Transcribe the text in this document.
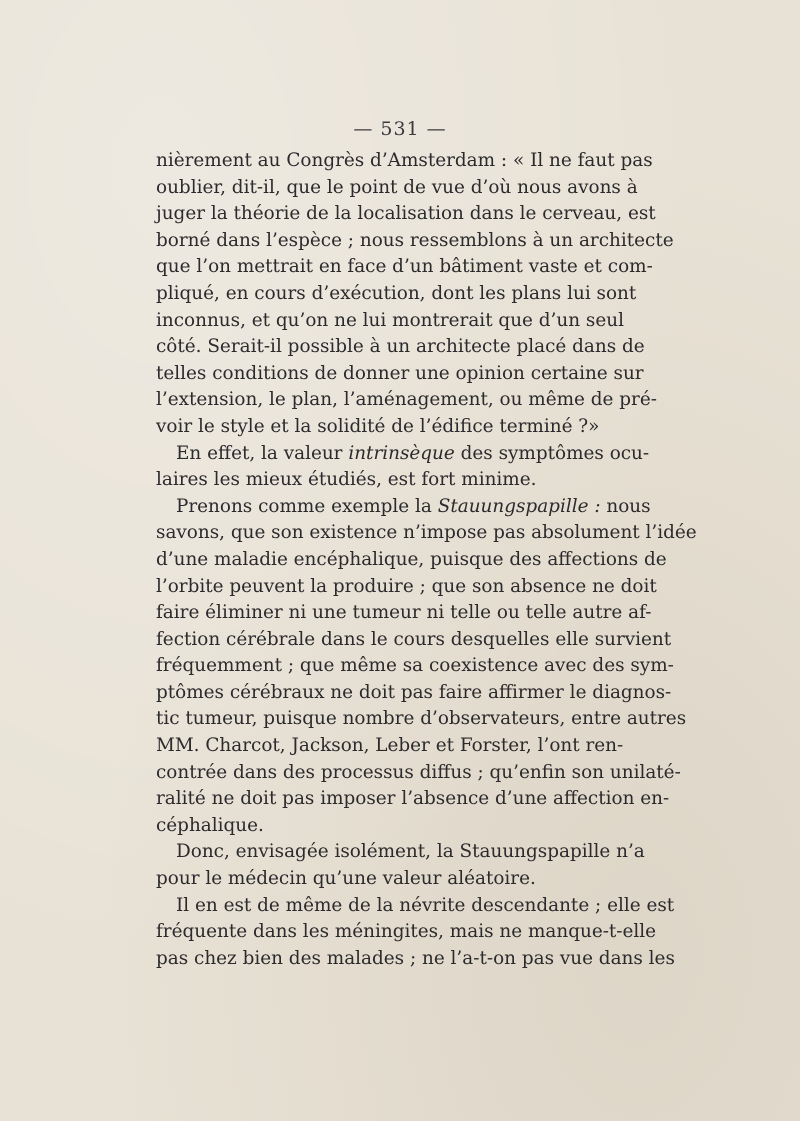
— 531 —
nièrement au Congrès d’Amsterdam : « Il ne faut pas
oublier, dit-il, que le point de vue d’où nous avons à
juger la théorie de la localisation dans le cerveau, est
borné dans l’espèce ; nous ressemblons à un architecte
que l’on mettrait en face d’un bâtiment vaste et com-
pliqué, en cours d’exécution, dont les plans lui sont
inconnus, et qu’on ne lui montrerait que d’un seul
côté. Serait-il possible à un architecte placé dans de
telles conditions de donner une opinion certaine sur
l’extension, le plan, l’aménagement, ou même de pré-
voir le style et la solidité de l’édifice terminé ?»
En effet, la valeur intrinsèque des symptômes ocu-
laires les mieux étudiés, est fort minime.
Prenons comme exemple la Stauungspapille : nous
savons, que son existence n’impose pas absolument l’idée
d’une maladie encéphalique, puisque des affections de
l’orbite peuvent la produire ; que son absence ne doit
faire éliminer ni une tumeur ni telle ou telle autre af-
fection cérébrale dans le cours desquelles elle survient
fréquemment ; que même sa coexistence avec des sym-
ptômes cérébraux ne doit pas faire affirmer le diagnos-
tic tumeur, puisque nombre d’observateurs, entre autres
MM. Charcot, Jackson, Leber et Forster, l’ont ren-
contrée dans des processus diffus ; qu’enfin son unilaté-
ralité ne doit pas imposer l’absence d’une affection en-
céphalique.
Donc, envisagée isolément, la Stauungspapille n’a
pour le médecin qu’une valeur aléatoire.
Il en est de même de la névrite descendante ; elle est
fréquente dans les méningites, mais ne manque-t-elle
pas chez bien des malades ; ne l’a-t-on pas vue dans les
